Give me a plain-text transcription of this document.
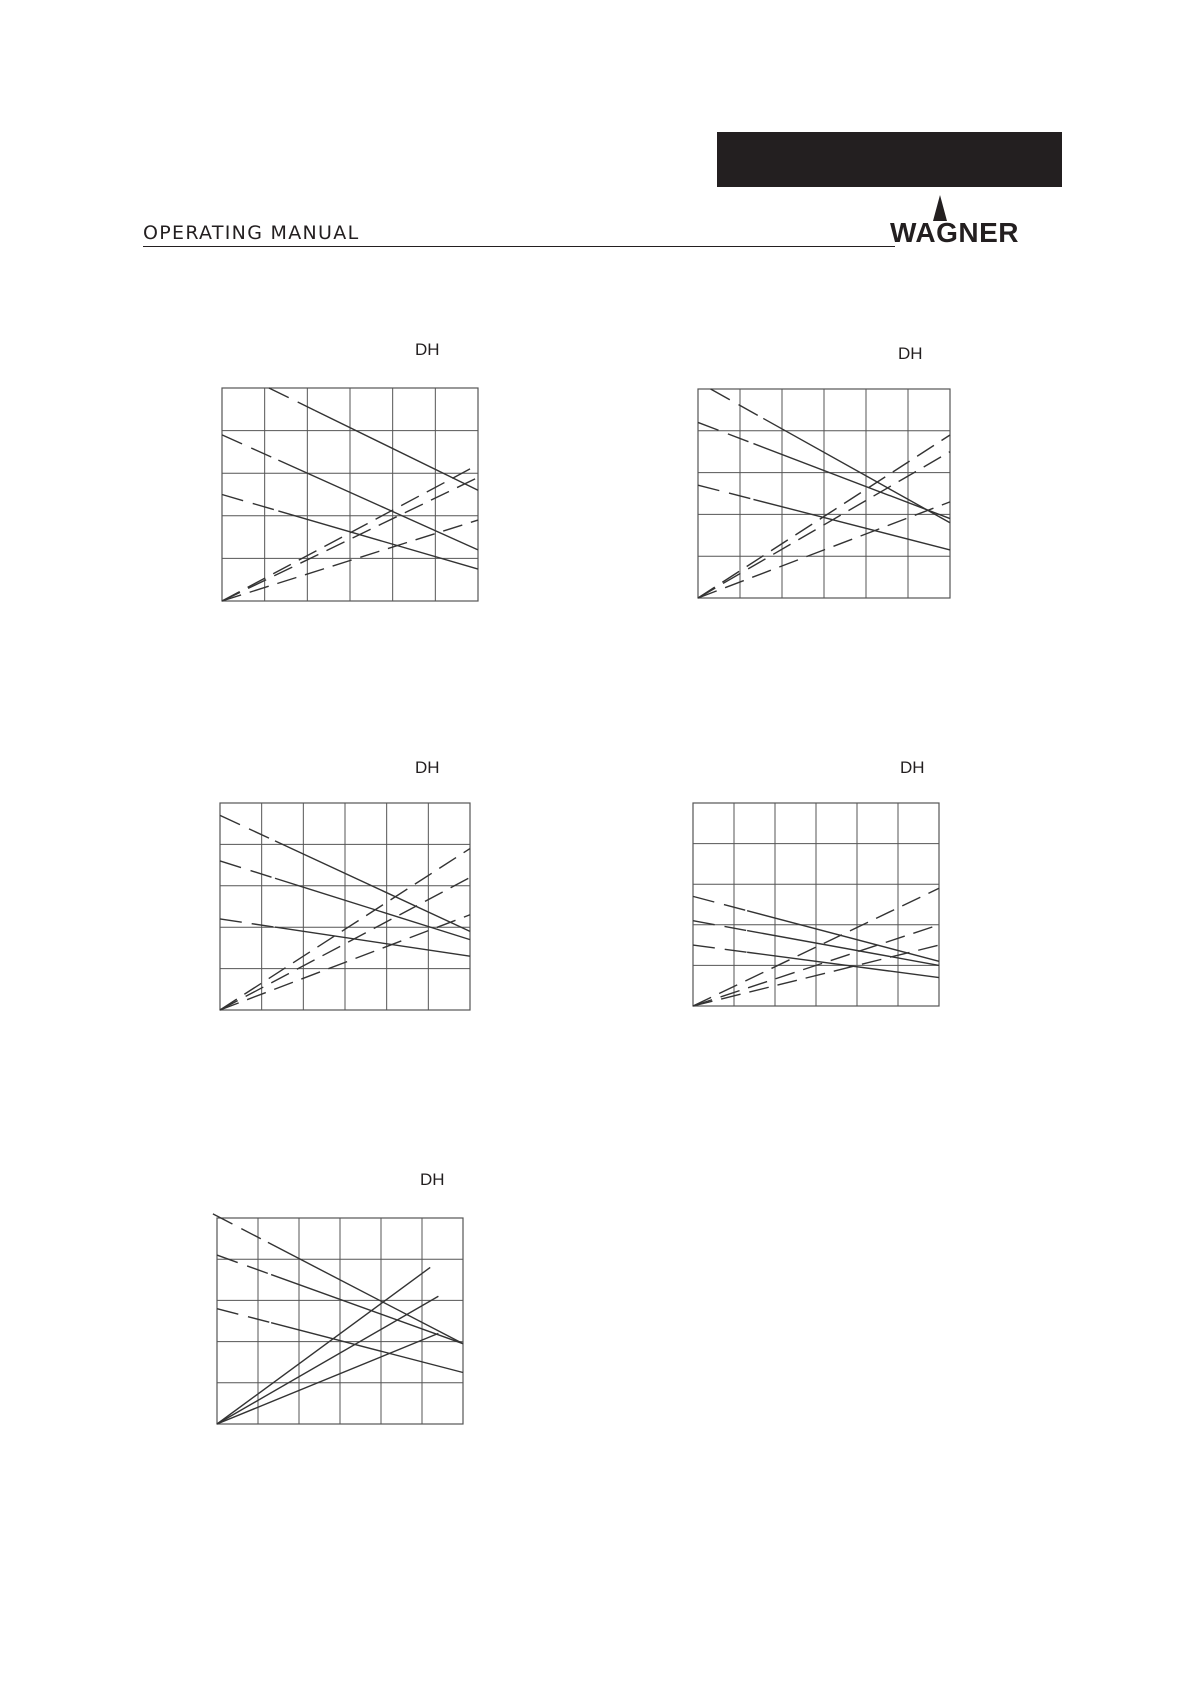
OPERATING MANUAL	WAGNER
DH	DH
DH	DH
DH
